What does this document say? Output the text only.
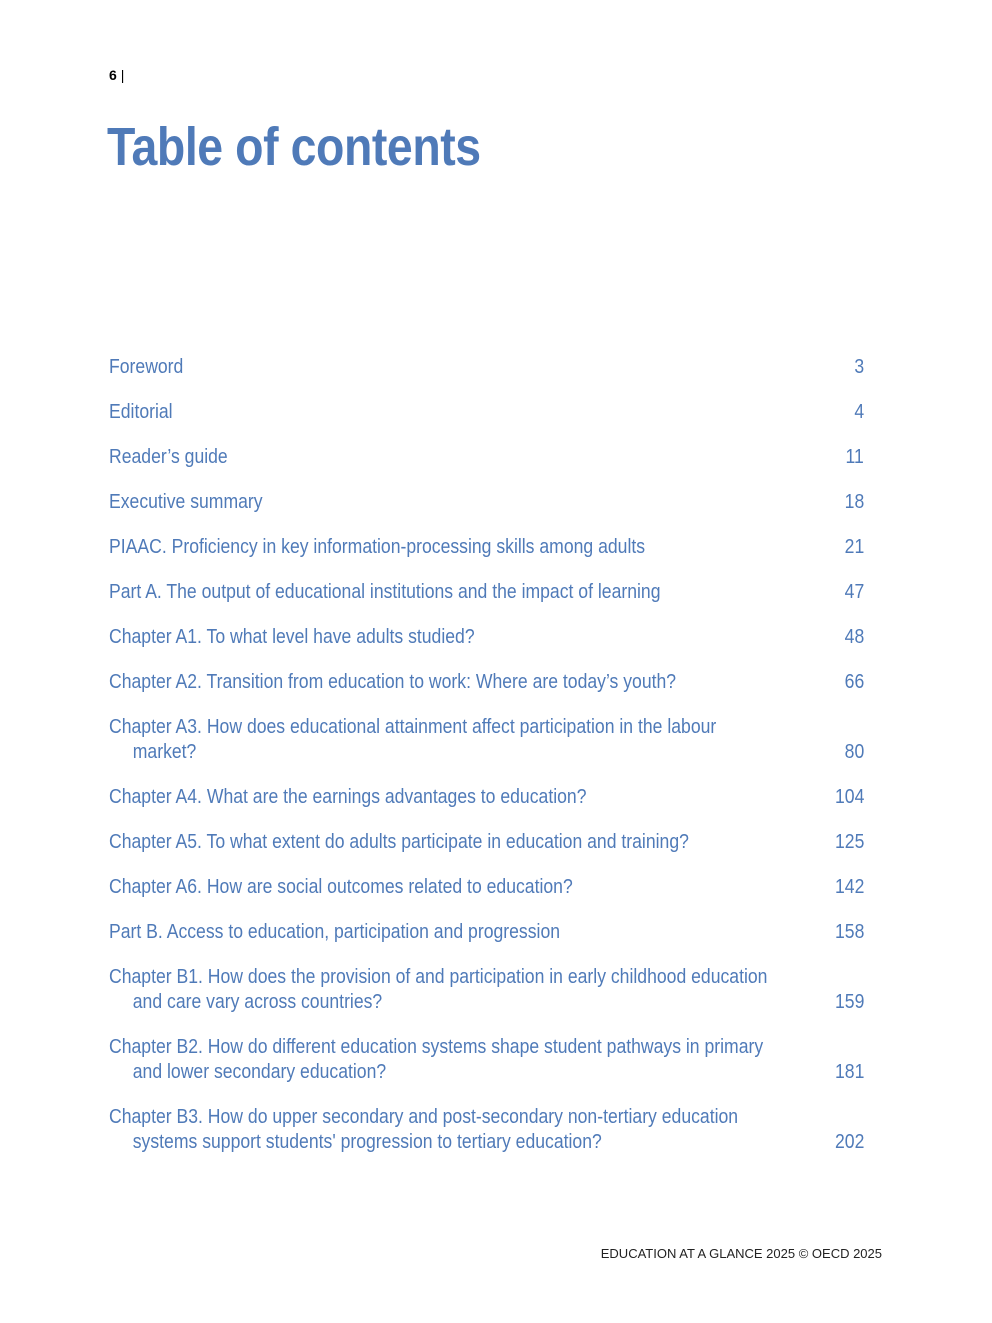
6 |
Table of contents
Foreword	3
Editorial	4
Reader’s guide	11
Executive summary	18
PIAAC. Proficiency in key information-processing skills among adults	21
Part A. The output of educational institutions and the impact of learning	47
Chapter A1. To what level have adults studied?	48
Chapter A2. Transition from education to work: Where are today’s youth?	66
Chapter A3. How does educational attainment affect participation in the labour
market?	80
Chapter A4. What are the earnings advantages to education?	104
Chapter A5. To what extent do adults participate in education and training?	125
Chapter A6. How are social outcomes related to education?	142
Part B. Access to education, participation and progression	158
Chapter B1. How does the provision of and participation in early childhood education
and care vary across countries?	159
Chapter B2. How do different education systems shape student pathways in primary
and lower secondary education?	181
Chapter B3. How do upper secondary and post-secondary non-tertiary education
systems support students' progression to tertiary education?	202
EDUCATION AT A GLANCE 2025 © OECD 2025
